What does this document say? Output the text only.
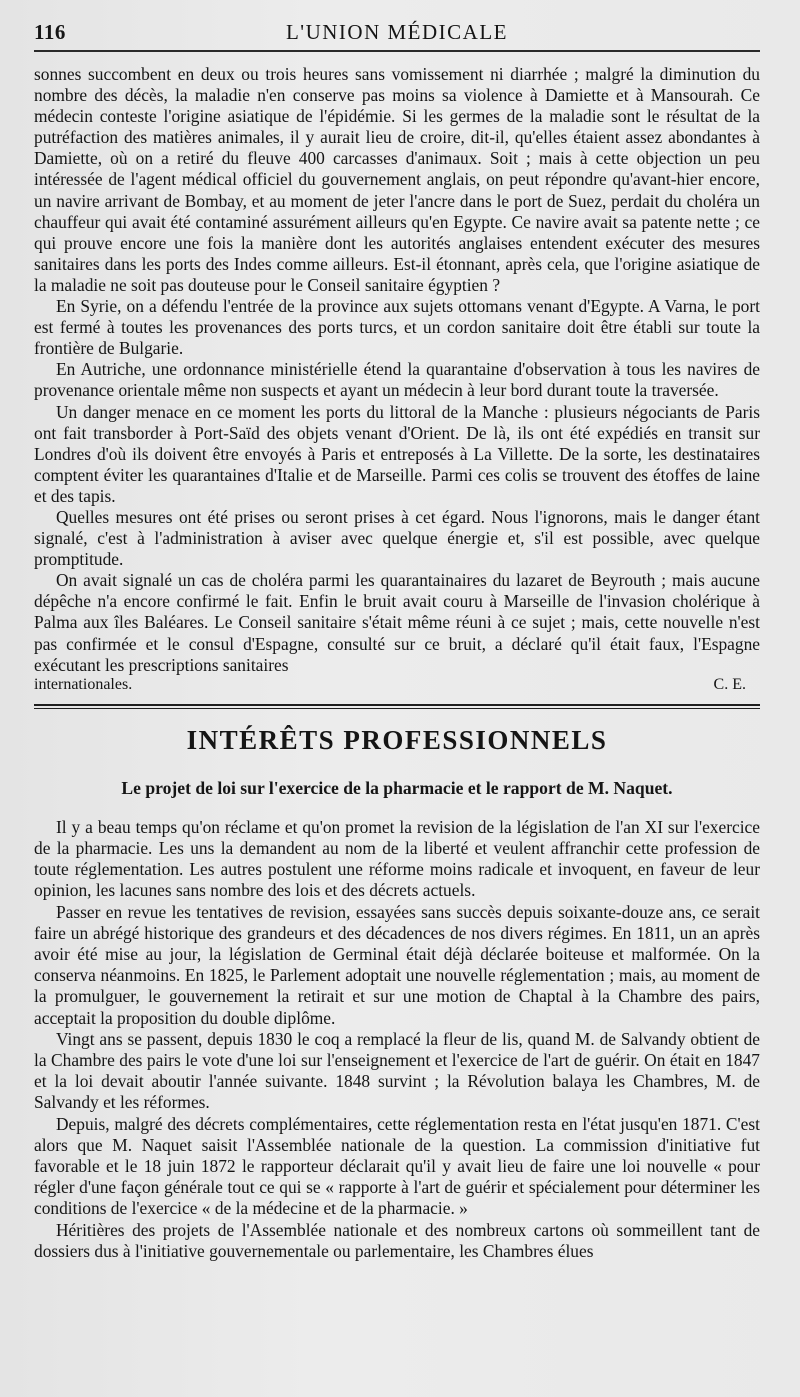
116	L'UNION MÉDICALE

sonnes succombent en deux ou trois heures sans vomissement ni diarrhée ; malgré la diminution du nombre des décès, la maladie n'en conserve pas moins sa violence à Damiette et à Mansourah. Ce médecin conteste l'origine asiatique de l'épidémie. Si les germes de la maladie sont le résultat de la putréfaction des matières animales, il y aurait lieu de croire, dit-il, qu'elles étaient assez abondantes à Damiette, où on a retiré du fleuve 400 carcasses d'animaux. Soit ; mais à cette objection un peu intéressée de l'agent médical officiel du gouvernement anglais, on peut répondre qu'avant-hier encore, un navire arrivant de Bombay, et au moment de jeter l'ancre dans le port de Suez, perdait du choléra un chauffeur qui avait été contaminé assurément ailleurs qu'en Egypte. Ce navire avait sa patente nette ; ce qui prouve encore une fois la manière dont les autorités anglaises entendent exécuter des mesures sanitaires dans les ports des Indes comme ailleurs. Est-il étonnant, après cela, que l'origine asiatique de la maladie ne soit pas douteuse pour le Conseil sanitaire égyptien ?

En Syrie, on a défendu l'entrée de la province aux sujets ottomans venant d'Egypte. A Varna, le port est fermé à toutes les provenances des ports turcs, et un cordon sanitaire doit être établi sur toute la frontière de Bulgarie.

En Autriche, une ordonnance ministérielle étend la quarantaine d'observation à tous les navires de provenance orientale même non suspects et ayant un médecin à leur bord durant toute la traversée.

Un danger menace en ce moment les ports du littoral de la Manche : plusieurs négociants de Paris ont fait transborder à Port-Saïd des objets venant d'Orient. De là, ils ont été expédiés en transit sur Londres d'où ils doivent être envoyés à Paris et entreposés à La Villette. De la sorte, les destinataires comptent éviter les quarantaines d'Italie et de Marseille. Parmi ces colis se trouvent des étoffes de laine et des tapis.

Quelles mesures ont été prises ou seront prises à cet égard. Nous l'ignorons, mais le danger étant signalé, c'est à l'administration à aviser avec quelque énergie et, s'il est possible, avec quelque promptitude.

On avait signalé un cas de choléra parmi les quarantainaires du lazaret de Beyrouth ; mais aucune dépêche n'a encore confirmé le fait. Enfin le bruit avait couru à Marseille de l'invasion cholérique à Palma aux îles Baléares. Le Conseil sanitaire s'était même réuni à ce sujet ; mais, cette nouvelle n'est pas confirmée et le consul d'Espagne, consulté sur ce bruit, a déclaré qu'il était faux, l'Espagne exécutant les prescriptions sanitaires

internationales.	C. E.
INTÉRÊTS PROFESSIONNELS
Le projet de loi sur l'exercice de la pharmacie et le rapport de M. Naquet.

Il y a beau temps qu'on réclame et qu'on promet la revision de la législation de l'an XI sur l'exercice de la pharmacie. Les uns la demandent au nom de la liberté et veulent affranchir cette profession de toute réglementation. Les autres postulent une réforme moins radicale et invoquent, en faveur de leur opinion, les lacunes sans nombre des lois et des décrets actuels.

Passer en revue les tentatives de revision, essayées sans succès depuis soixante-douze ans, ce serait faire un abrégé historique des grandeurs et des décadences de nos divers régimes. En 1811, un an après avoir été mise au jour, la législation de Germinal était déjà déclarée boiteuse et malformée. On la conserva néanmoins. En 1825, le Parlement adoptait une nouvelle réglementation ; mais, au moment de la promulguer, le gouvernement la retirait et sur une motion de Chaptal à la Chambre des pairs, acceptait la proposition du double diplôme.

Vingt ans se passent, depuis 1830 le coq a remplacé la fleur de lis, quand M. de Salvandy obtient de la Chambre des pairs le vote d'une loi sur l'enseignement et l'exercice de l'art de guérir. On était en 1847 et la loi devait aboutir l'année suivante. 1848 survint ; la Révolution balaya les Chambres, M. de Salvandy et les réformes.

Depuis, malgré des décrets complémentaires, cette réglementation resta en l'état jusqu'en 1871. C'est alors que M. Naquet saisit l'Assemblée nationale de la question. La commission d'initiative fut favorable et le 18 juin 1872 le rapporteur déclarait qu'il y avait lieu de faire une loi nouvelle « pour régler d'une façon générale tout ce qui se « rapporte à l'art de guérir et spécialement pour déterminer les conditions de l'exercice « de la médecine et de la pharmacie. »

Héritières des projets de l'Assemblée nationale et des nombreux cartons où sommeillent tant de dossiers dus à l'initiative gouvernementale ou parlementaire, les Chambres élues
